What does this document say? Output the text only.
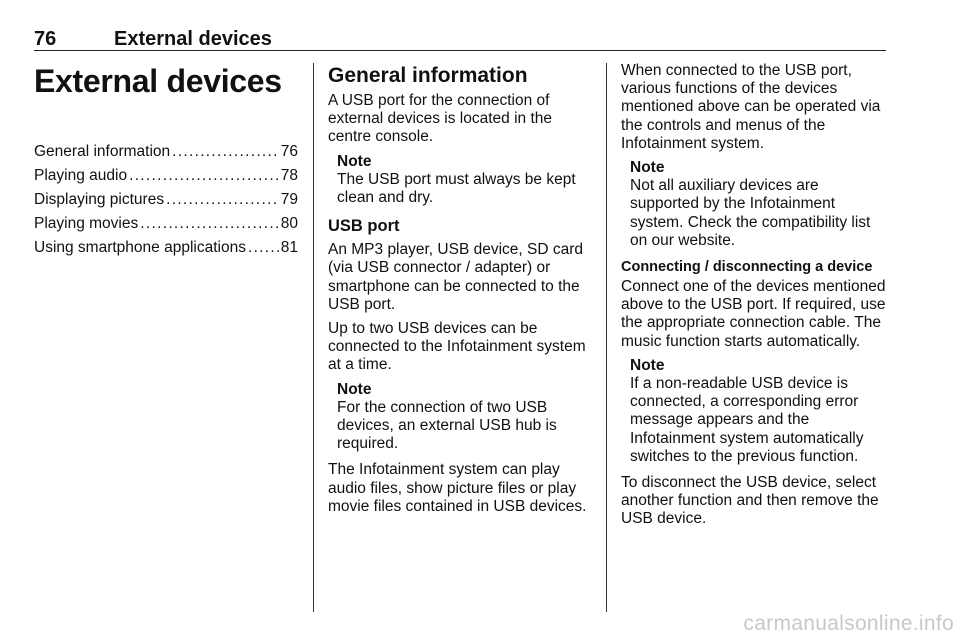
76	External devices
External devices
General information . . .	76
Playing audio . . .	78
Displaying pictures . . .	79
Playing movies . . .	80
Using smartphone applications . . . 81
General information

A USB port for the connection of external devices is located in the centre console.

Note
The USB port must always be kept clean and dry.
USB port

An MP3 player, USB device, SD card (via USB connector / adapter) or smartphone can be connected to the USB port.

Up to two USB devices can be connected to the Infotainment system at a time.

Note
For the connection of two USB devices, an external USB hub is required.

The Infotainment system can play audio files, show picture files or play movie files contained in USB devices.

When connected to the USB port, various functions of the devices mentioned above can be operated via the controls and menus of the Infotainment system.

Note
Not all auxiliary devices are supported by the Infotainment system. Check the compatibility list on our website.
Connecting / disconnecting a device

Connect one of the devices mentioned above to the USB port. If required, use the appropriate connection cable. The music function starts automatically.

Note
If a non-readable USB device is connected, a corresponding error message appears and the Infotainment system automatically switches to the previous function.

To disconnect the USB device, select another function and then remove the USB device.

carmanualsonline.info
